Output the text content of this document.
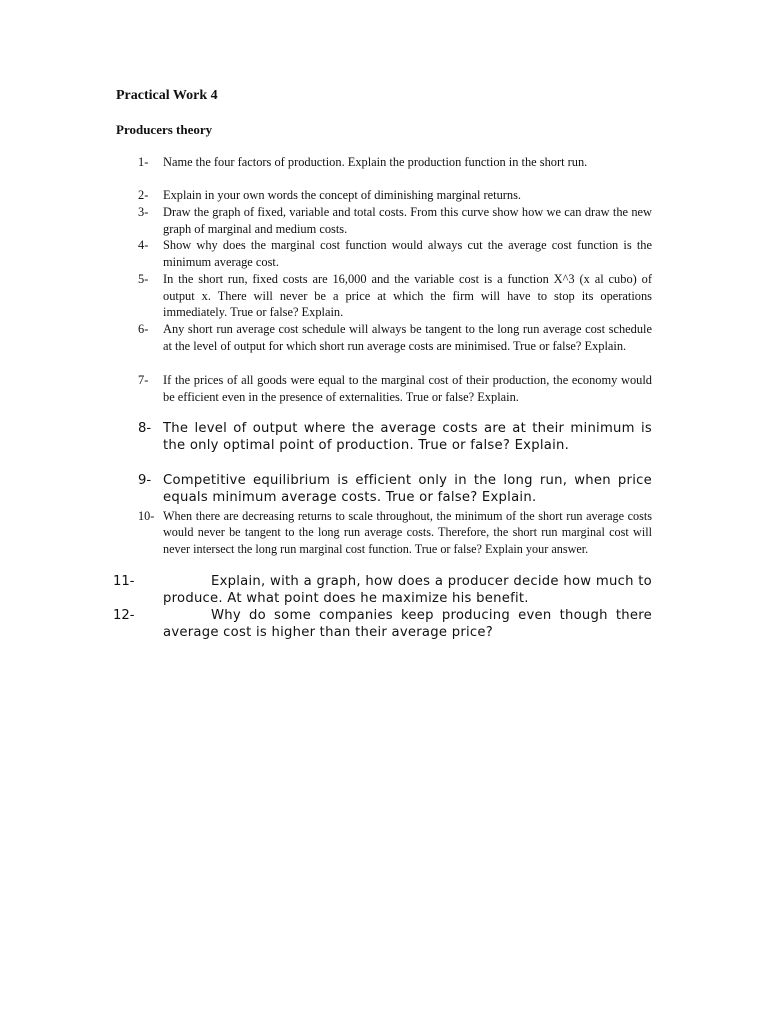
Practical Work 4
Producers theory
1- Name the four factors of production. Explain the production function in the short run.
2- Explain in your own words the concept of diminishing marginal returns.
3- Draw the graph of fixed, variable and total costs. From this curve show how we can draw the new graph of marginal and medium costs.
4- Show why does the marginal cost function would always cut the average cost function is the minimum average cost.
5- In the short run, fixed costs are 16,000 and the variable cost is a function X^3 (x al cubo) of output x. There will never be a price at which the firm will have to stop its operations immediately. True or false? Explain.
6- Any short run average cost schedule will always be tangent to the long run average cost schedule at the level of output for which short run average costs are minimised. True or false? Explain.
7- If the prices of all goods were equal to the marginal cost of their production, the economy would be efficient even in the presence of externalities. True or false? Explain.
8- The level of output where the average costs are at their minimum is the only optimal point of production. True or false? Explain.
9- Competitive equilibrium is efficient only in the long run, when price equals minimum average costs. True or false? Explain.
10- When there are decreasing returns to scale throughout, the minimum of the short run average costs would never be tangent to the long run average costs. Therefore, the short run marginal cost will never intersect the long run marginal cost function. True or false? Explain your answer.
11-	Explain, with a graph, how does a producer decide how much to produce. At what point does he maximize his benefit.
12-	Why do some companies keep producing even though there average cost is higher than their average price?
